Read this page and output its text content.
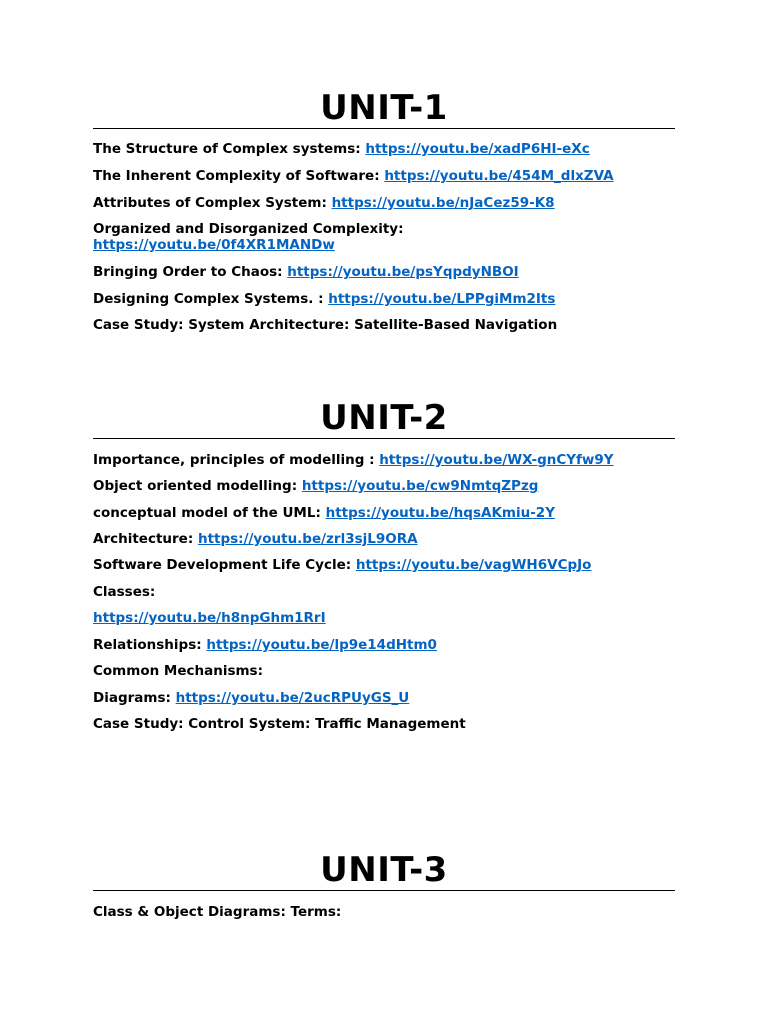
UNIT-1
The Structure of Complex systems: https://youtu.be/xadP6HI-eXc
The Inherent Complexity of Software: https://youtu.be/454M_dlxZVA
Attributes of Complex System: https://youtu.be/nJaCez59-K8
Organized and Disorganized Complexity:
https://youtu.be/0f4XR1MANDw
Bringing Order to Chaos: https://youtu.be/psYqpdyNBOI
Designing Complex Systems. : https://youtu.be/LPPgiMm2Its
Case Study: System Architecture: Satellite-Based Navigation
UNIT-2
Importance, principles of modelling : https://youtu.be/WX-gnCYfw9Y
Object oriented modelling: https://youtu.be/cw9NmtqZPzg
conceptual model of the UML: https://youtu.be/hqsAKmiu-2Y
Architecture: https://youtu.be/zrl3sjL9ORA
Software Development Life Cycle: https://youtu.be/vagWH6VCpJo
Classes:
https://youtu.be/h8npGhm1RrI
Relationships: https://youtu.be/lp9e14dHtm0
Common Mechanisms:
Diagrams: https://youtu.be/2ucRPUyGS_U
Case Study: Control System: Traffic Management
UNIT-3
Class & Object Diagrams: Terms:
